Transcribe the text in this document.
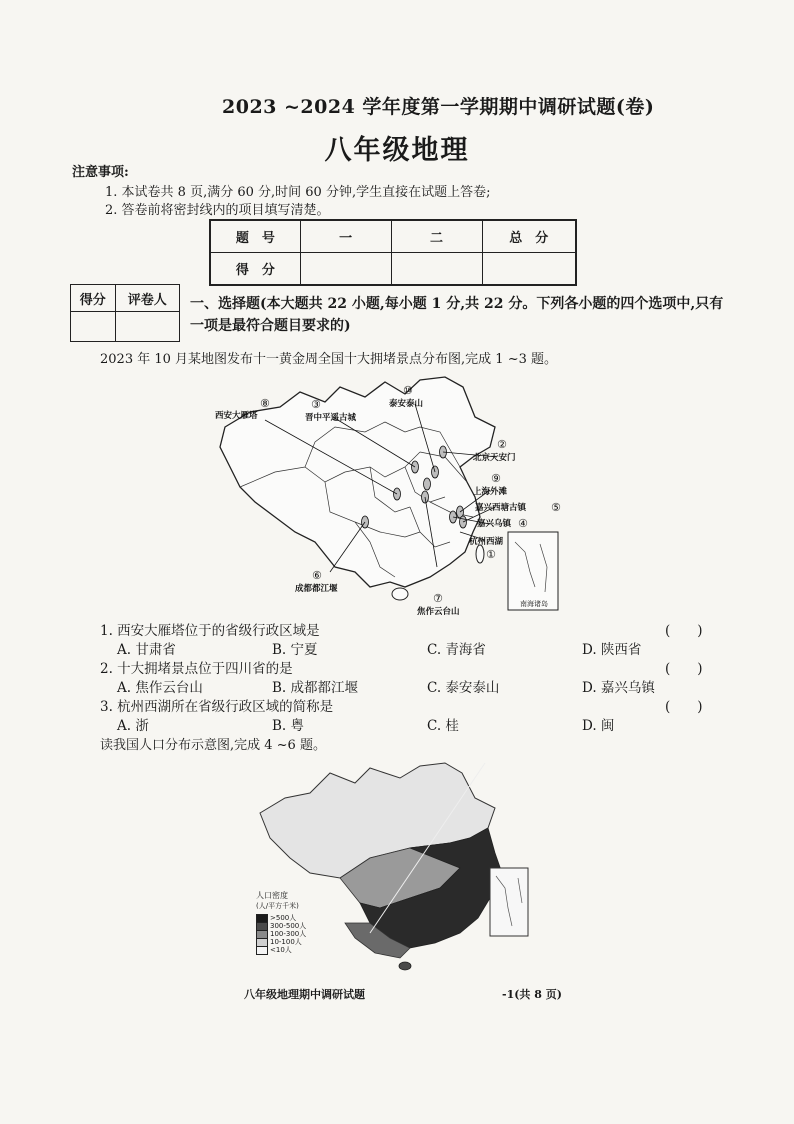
2023 ~2024 学年度第一学期期中调研试题(卷)
八年级地理
注意事项:
1. 本试卷共 8 页,满分 60 分,时间 60 分钟,学生直接在试题上答卷;
2. 答卷前将密封线内的项目填写清楚。
题　号	一	二	总　分
得　分			
得分	评卷人
	一、选择题(本大题共 22 小题,每小题 1 分,共 22 分。下列各小题的四个选项中,只有一项是最符合题目要求的)
2023 年 10 月某地图发布十一黄金周全国十大拥堵景点分布图,完成 1 ~3 题。
⑧
西安大雁塔
③
晋中平遥古城
⑩
泰安泰山
②
北京天安门
⑨
上海外滩
嘉兴西塘古镇 ⑤
嘉兴乌镇 ④
杭州西湖
①
⑥
成都都江堰
⑦
焦作云台山
南海诸岛
1. 西安大雁塔位于的省级行政区域是	(　　)
A. 甘肃省	B. 宁夏	C. 青海省	D. 陕西省
2. 十大拥堵景点位于四川省的是	(　　)
A. 焦作云台山	B. 成都都江堰	C. 泰安泰山	D. 嘉兴乌镇
3. 杭州西湖所在省级行政区域的简称是	(　　)
A. 浙	B. 粤	C. 桂	D. 闽
读我国人口分布示意图,完成 4 ~6 题。
人口密度
(人/平方千米)
>500人
300-500人
100-300人
10-100人
<10人
八年级地理期中调研试题	-1(共 8 页)
